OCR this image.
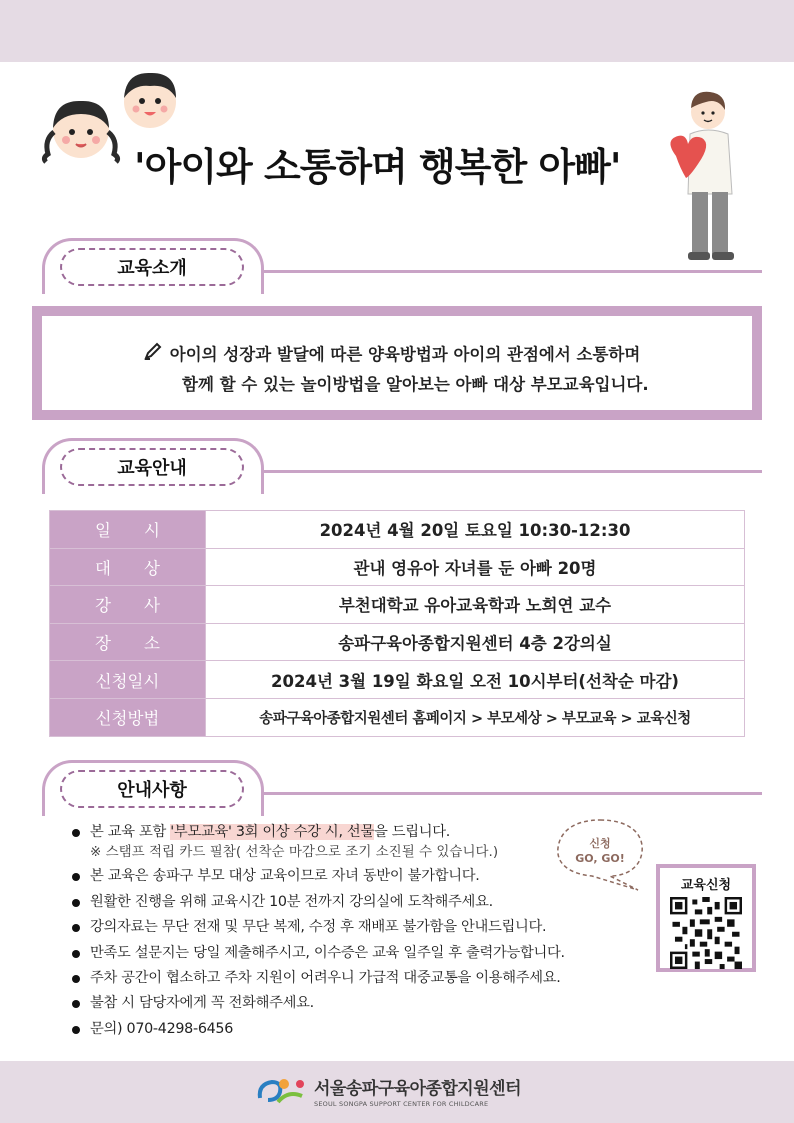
'아이와 소통하며 행복한 아빠'
교육소개
아이의 성장과 발달에 따른 양육방법과 아이의 관점에서 소통하며
함께 할 수 있는 놀이방법을 알아보는 아빠 대상 부모교육입니다.
교육안내
일　　시	2024년 4월 20일 토요일 10:30-12:30
대　　상	관내 영유아 자녀를 둔 아빠 20명
강　　사	부천대학교 유아교육학과 노희연 교수
장　　소	송파구육아종합지원센터 4층 2강의실
신청일시	2024년 3월 19일 화요일 오전 10시부터(선착순 마감)
신청방법	송파구육아종합지원센터 홈페이지 > 부모세상 > 부모교육 > 교육신청
안내사항
본 교육 포함 '부모교육' 3회 이상 수강 시, 선물을 드립니다.
※ 스탬프 적립 카드 필참( 선착순 마감으로 조기 소진될 수 있습니다.)
본 교육은 송파구 부모 대상 교육이므로 자녀 동반이 불가합니다.
원활한 진행을 위해 교육시간 10분 전까지 강의실에 도착해주세요.
강의자료는 무단 전재 및 무단 복제, 수정 후 재배포 불가함을 안내드립니다.
만족도 설문지는 당일 제출해주시고, 이수증은 교육 일주일 후 출력가능합니다.
주차 공간이 협소하고 주차 지원이 어려우니 가급적 대중교통을 이용해주세요.
불참 시 담당자에게 꼭 전화해주세요.
문의) 070-4298-6456
신청
GO, GO!
교육신청
서울송파구육아종합지원센터
SEOUL SONGPA SUPPORT CENTER FOR CHILDCARE
